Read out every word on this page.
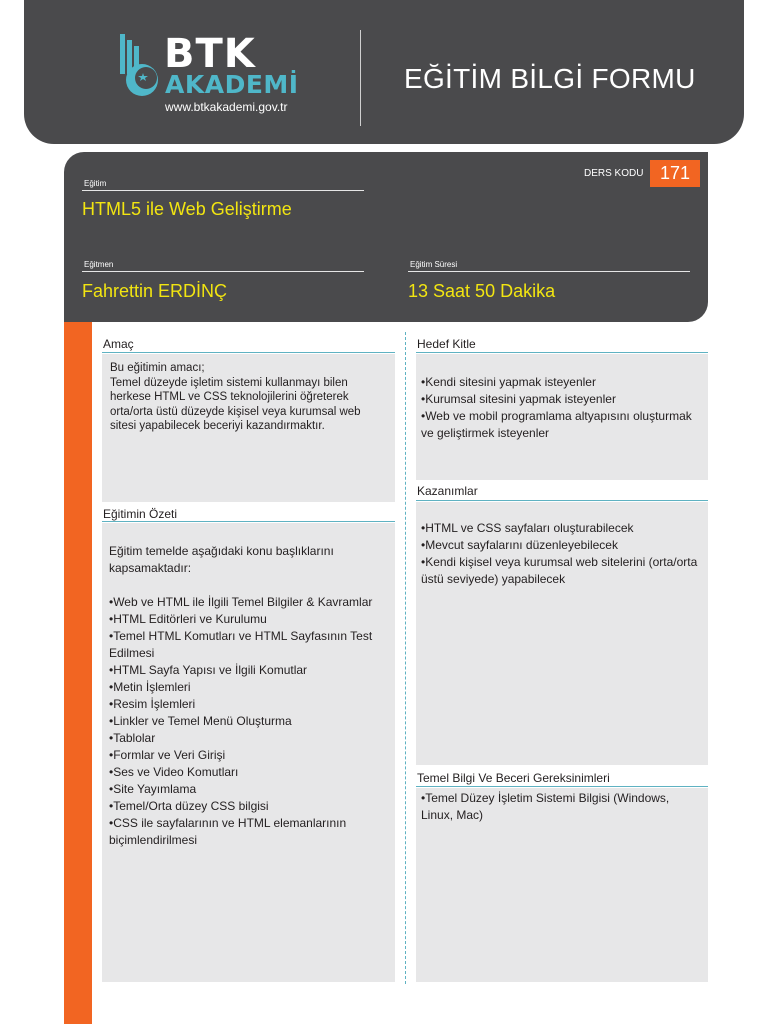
BTK
AKADEMİ
www.btkakademi.gov.tr
EĞİTİM BİLGİ FORMU
Eğitim
HTML5 ile Web Geliştirme
DERS KODU 171
Eğitmen
Fahrettin ERDİNÇ
Eğitim Süresi
13 Saat 50 Dakika
Amaç

Bu eğitimin amacı;

Temel düzeyde işletim sistemi kullanmayı bilen

herkese HTML ve CSS teknolojilerini öğreterek

orta/orta üstü düzeyde kişisel veya kurumsal web

sitesi yapabilecek beceriyi kazandırmaktır.

Eğitimin Özeti

Eğitim temelde aşağıdaki konu başlıklarını

kapsamaktadır:

•Web ve HTML ile İlgili Temel Bilgiler & Kavramlar

•HTML Editörleri ve Kurulumu

•Temel HTML Komutları ve HTML Sayfasının Test

Edilmesi

•HTML Sayfa Yapısı ve İlgili Komutlar

•Metin İşlemleri

•Resim İşlemleri

•Linkler ve Temel Menü Oluşturma

•Tablolar

•Formlar ve Veri Girişi

•Ses ve Video Komutları

•Site Yayımlama

•Temel/Orta düzey CSS bilgisi

•CSS ile sayfalarının ve HTML elemanlarının

biçimlendirilmesi

Hedef Kitle

•Kendi sitesini yapmak isteyenler

•Kurumsal sitesini yapmak isteyenler

•Web ve mobil programlama altyapısını oluşturmak

ve geliştirmek isteyenler

Kazanımlar

•HTML ve CSS sayfaları oluşturabilecek

•Mevcut sayfalarını düzenleyebilecek

•Kendi kişisel veya kurumsal web sitelerini (orta/orta

üstü seviyede) yapabilecek

Temel Bilgi Ve Beceri Gereksinimleri

•Temel Düzey İşletim Sistemi Bilgisi (Windows,

Linux, Mac)
